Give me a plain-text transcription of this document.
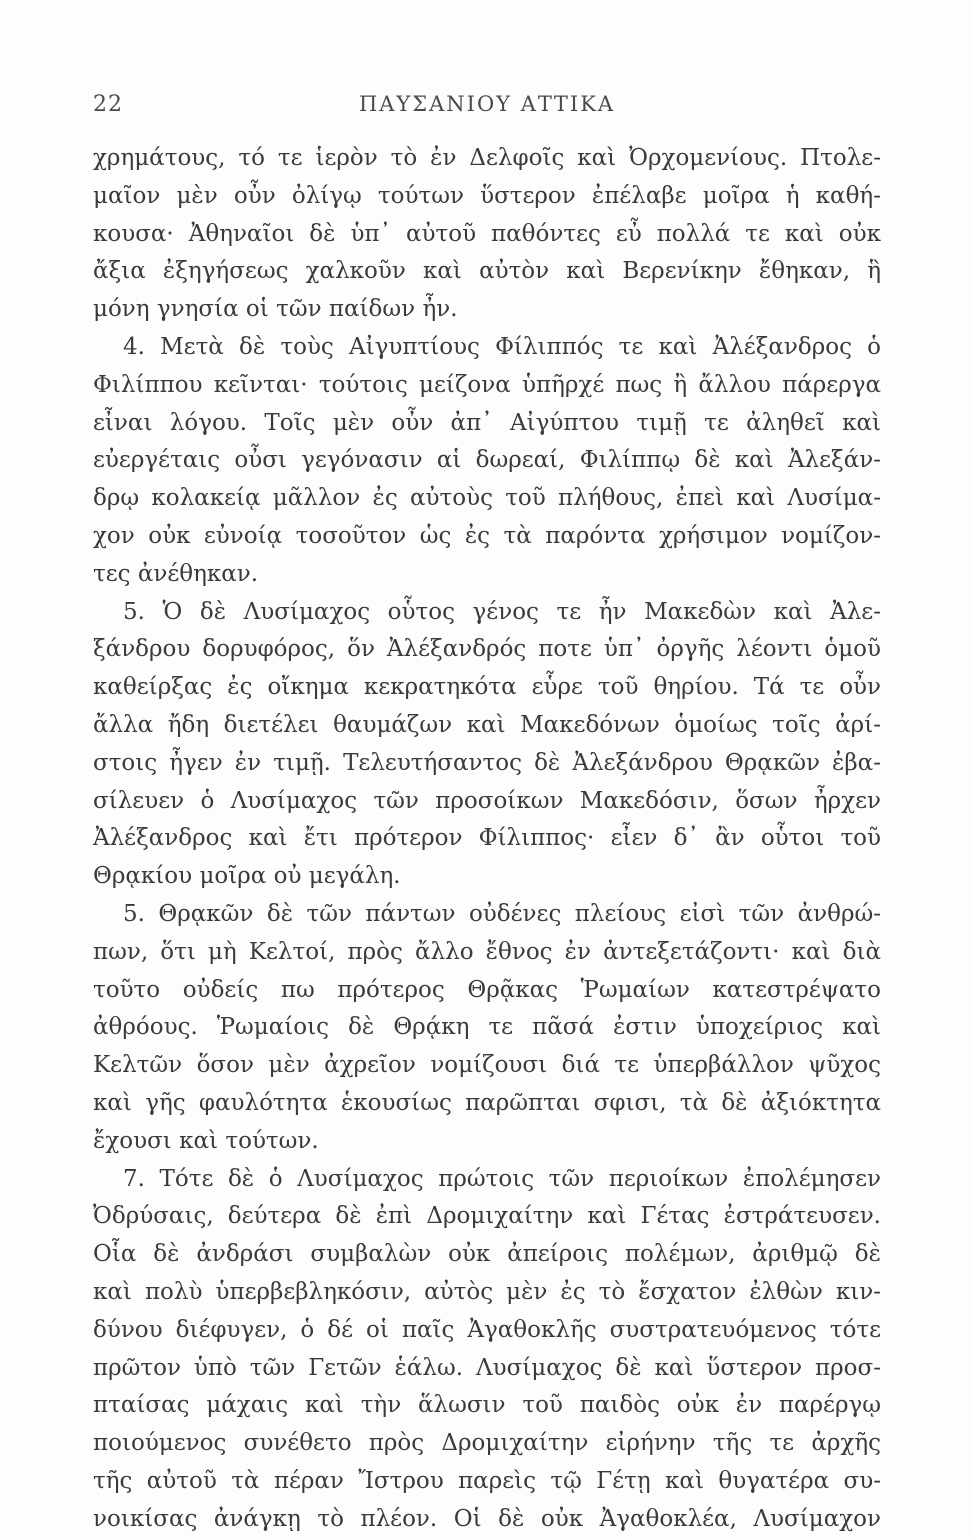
22	ΠΑΥΣΑΝΙΟΥ ΑΤΤΙΚΑ
χρημάτους, τό τε ἱερὸν τὸ ἐν Δελφοῖς καὶ Ὀρχομενίους. Πτολε-
μαῖον μὲν οὖν ὀλίγῳ τούτων ὕστερον ἐπέλαβε μοῖρα ἡ καθή-
κουσα· Ἀθηναῖοι δὲ ὑπ᾽ αὐτοῦ παθόντες εὖ πολλά τε καὶ οὐκ
ἄξια ἐξηγήσεως χαλκοῦν καὶ αὐτὸν καὶ Βερενίκην ἔθηκαν, ἣ
μόνη γνησία οἱ τῶν παίδων ἦν.
4. Μετὰ δὲ τοὺς Αἰγυπτίους Φίλιππός τε καὶ Ἀλέξανδρος ὁ
Φιλίππου κεῖνται· τούτοις μείζονα ὑπῆρχέ πως ἢ ἄλλου πάρεργα
εἶναι λόγου. Τοῖς μὲν οὖν ἀπ᾽ Αἰγύπτου τιμῇ τε ἀληθεῖ καὶ
εὐεργέταις οὖσι γεγόνασιν αἱ δωρεαί, Φιλίππῳ δὲ καὶ Ἀλεξάν-
δρῳ κολακείᾳ μᾶλλον ἐς αὐτοὺς τοῦ πλήθους, ἐπεὶ καὶ Λυσίμα-
χον οὐκ εὐνοίᾳ τοσοῦτον ὡς ἐς τὰ παρόντα χρήσιμον νομίζον-
τες ἀνέθηκαν.
5. Ὁ δὲ Λυσίμαχος οὗτος γένος τε ἦν Μακεδὼν καὶ Ἀλε-
ξάνδρου δορυφόρος, ὅν Ἀλέξανδρός ποτε ὑπ᾽ ὀργῆς λέοντι ὁμοῦ
καθείρξας ἐς οἴκημα κεκρατηκότα εὗρε τοῦ θηρίου. Τά τε οὖν
ἄλλα ἤδη διετέλει θαυμάζων καὶ Μακεδόνων ὁμοίως τοῖς ἀρί-
στοις ἦγεν ἐν τιμῇ. Τελευτήσαντος δὲ Ἀλεξάνδρου Θρᾳκῶν ἐβα-
σίλευεν ὁ Λυσίμαχος τῶν προσοίκων Μακεδόσιν, ὅσων ἦρχεν
Ἀλέξανδρος καὶ ἔτι πρότερον Φίλιππος· εἶεν δ᾽ ἂν οὗτοι τοῦ
Θρᾳκίου μοῖρα οὐ μεγάλη.
5. Θρᾳκῶν δὲ τῶν πάντων οὐδένες πλείους εἰσὶ τῶν ἀνθρώ-
πων, ὅτι μὴ Κελτοί, πρὸς ἄλλο ἔθνος ἐν ἀντεξετάζοντι· καὶ διὰ
τοῦτο οὐδείς πω πρότερος Θρᾷκας Ῥωμαίων κατεστρέψατο
ἀθρόους. Ῥωμαίοις δὲ Θρᾴκη τε πᾶσά ἐστιν ὑποχείριος καὶ
Κελτῶν ὅσον μὲν ἀχρεῖον νομίζουσι διά τε ὑπερβάλλον ψῦχος
καὶ γῆς φαυλότητα ἑκουσίως παρῶπται σφισι, τὰ δὲ ἀξιόκτητα
ἔχουσι καὶ τούτων.
7. Τότε δὲ ὁ Λυσίμαχος πρώτοις τῶν περιοίκων ἐπολέμησεν
Ὀδρύσαις, δεύτερα δὲ ἐπὶ Δρομιχαίτην καὶ Γέτας ἐστράτευσεν.
Οἷα δὲ ἀνδράσι συμβαλὼν οὐκ ἀπείροις πολέμων, ἀριθμῷ δὲ
καὶ πολὺ ὑπερβεβληκόσιν, αὐτὸς μὲν ἐς τὸ ἔσχατον ἐλθὼν κιν-
δύνου διέφυγεν, ὁ δέ οἱ παῖς Ἀγαθοκλῆς συστρατευόμενος τότε
πρῶτον ὑπὸ τῶν Γετῶν ἑάλω. Λυσίμαχος δὲ καὶ ὕστερον προσ-
πταίσας μάχαις καὶ τὴν ἅλωσιν τοῦ παιδὸς οὐκ ἐν παρέργῳ
ποιούμενος συνέθετο πρὸς Δρομιχαίτην εἰρήνην τῆς τε ἀρχῆς
τῆς αὐτοῦ τὰ πέραν Ἴστρου παρεὶς τῷ Γέτῃ καὶ θυγατέρα συ-
νοικίσας ἀνάγκῃ τὸ πλέον. Οἱ δὲ οὐκ Ἀγαθοκλέα, Λυσίμαχον
